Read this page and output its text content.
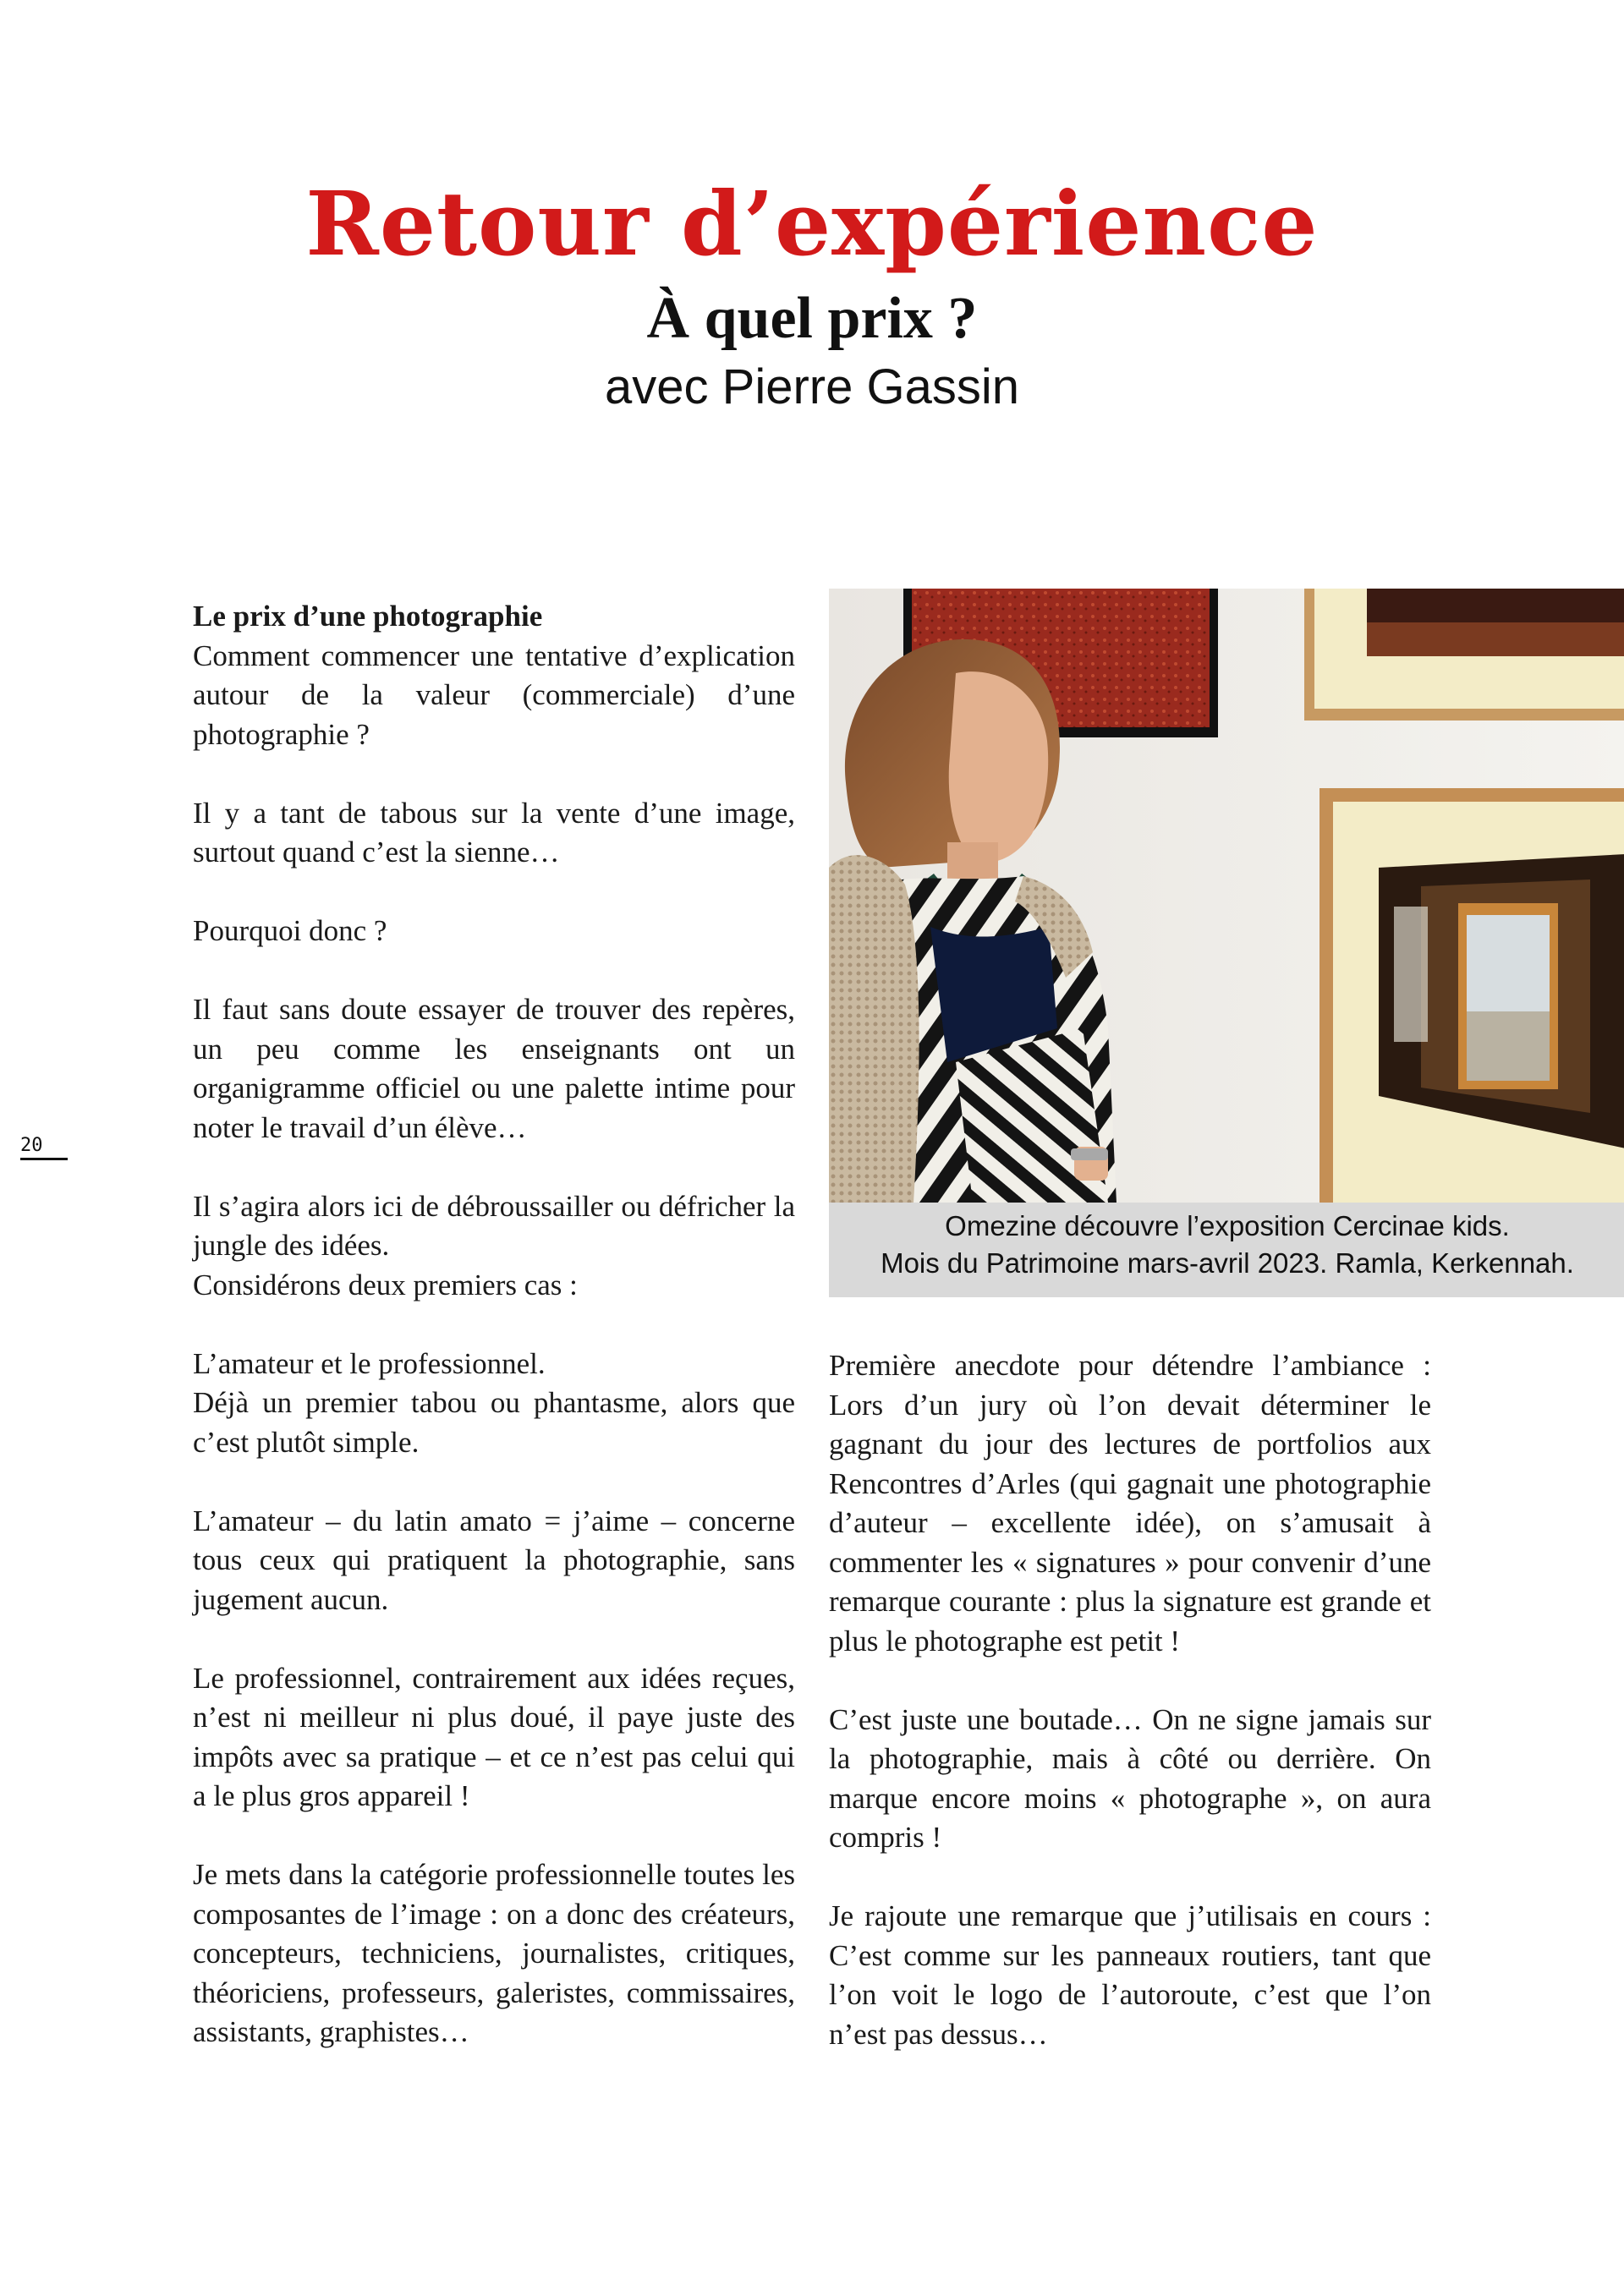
Retour d’expérience
À quel prix ?
avec Pierre Gassin
20

Le prix d’une photographie

Comment commencer une tentative d’explication autour de la valeur (commerciale) d’une photographie ?

Il y a tant de tabous sur la vente d’une image, surtout quand c’est la sienne…

Pourquoi donc ?

Il faut sans doute essayer de trouver des repères, un peu comme les enseignants ont un organigramme officiel ou une palette intime pour noter le travail d’un élève…

Il s’agira alors ici de débroussailler ou défricher la jungle des idées.

Considérons deux premiers cas :

L’amateur et le professionnel.

Déjà un premier tabou ou phantasme, alors que c’est plutôt simple.

L’amateur – du latin amato = j’aime – concerne tous ceux qui pratiquent la photographie, sans jugement aucun.

Le professionnel, contrairement aux idées reçues, n’est ni meilleur ni plus doué, il paye juste des impôts avec sa pratique – et ce n’est pas celui qui a le plus gros appareil !

Je mets dans la catégorie professionnelle toutes les composantes de l’image : on a donc des créateurs, concepteurs, techniciens, journalistes, critiques, théoriciens, professeurs, galeristes, commissaires, assistants, graphistes…

Omezine découvre l’exposition Cercinae kids.
Mois du Patrimoine mars-avril 2023. Ramla, Kerkennah.

Première anecdote pour détendre l’ambiance : Lors d’un jury où l’on devait déterminer le gagnant du jour des lectures de portfolios aux Rencontres d’Arles (qui gagnait une photographie d’auteur – excellente idée), on s’amusait à commenter les « signatures » pour convenir d’une remarque courante : plus la signature est grande et plus le photographe est petit !

C’est juste une boutade… On ne signe jamais sur la photographie, mais à côté ou derrière. On marque encore moins « photographe », on aura compris !

Je rajoute une remarque que j’utilisais en cours : C’est comme sur les panneaux routiers, tant que l’on voit le logo de l’autoroute, c’est que l’on n’est pas dessus…
